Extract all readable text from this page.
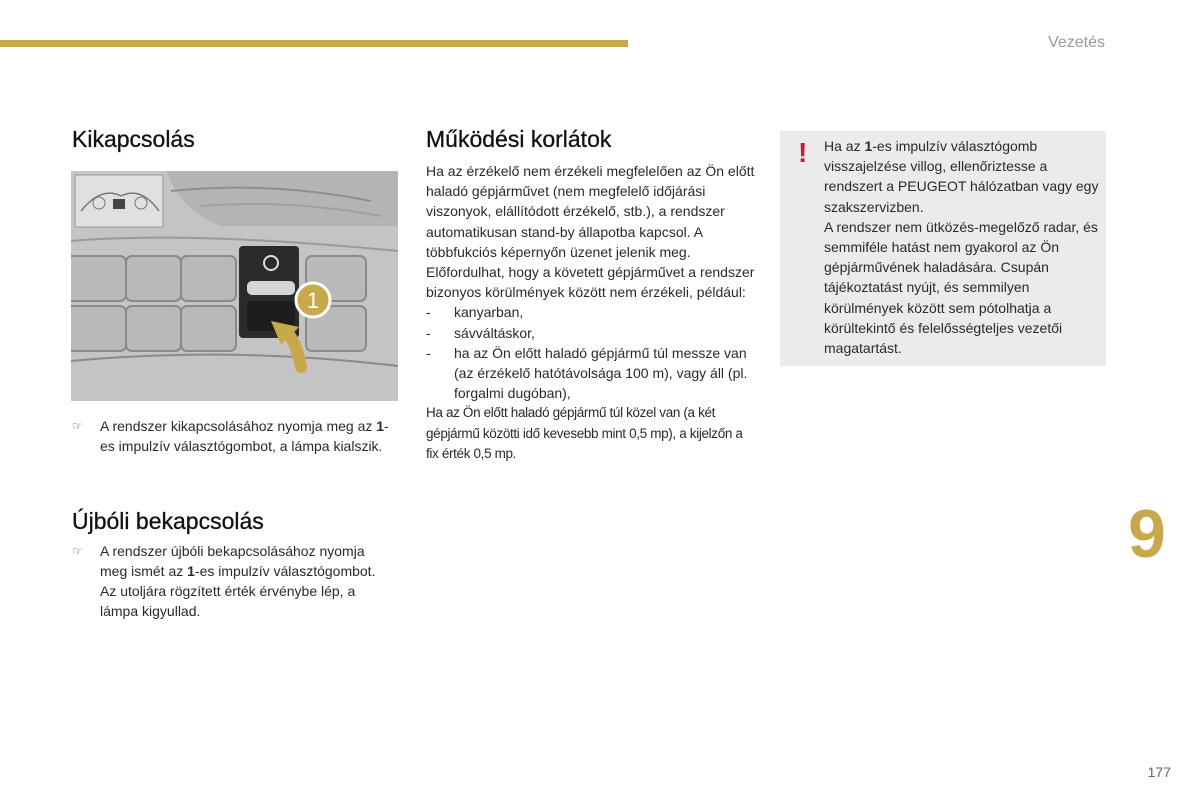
Vezetés
Kikapcsolás
1
☞ A rendszer kikapcsolásához nyomja meg az 1-es impulzív választógombot, a lámpa kialszik.
Újbóli bekapcsolás
☞ A rendszer újbóli bekapcsolásához nyomja meg ismét az 1-es impulzív választógombot.
Az utoljára rögzített érték érvénybe lép, a lámpa kigyullad.
Működési korlátok
Ha az érzékelő nem érzékeli megfelelően az Ön előtt haladó gépjárművet (nem megfelelő időjárási viszonyok, elállítódott érzékelő, stb.), a rendszer automatikusan stand-by állapotba kapcsol. A többfukciós képernyőn üzenet jelenik meg.
Előfordulhat, hogy a követett gépjárművet a rendszer bizonyos körülmények között nem érzékeli, például:
- kanyarban,
- sávváltáskor,
- ha az Ön előtt haladó gépjármű túl messze van (az érzékelő hatótávolsága 100 m), vagy áll (pl. forgalmi dugóban),
Ha az Ön előtt haladó gépjármű túl közel van (a két gépjármű közötti idő kevesebb mint 0,5 mp), a kijelzőn a fix érték 0,5 mp.
! Ha az 1-es impulzív választógomb visszajelzése villog, ellenőriztesse a rendszert a PEUGEOT hálózatban vagy egy szakszervizben.
A rendszer nem ütközés-megelőző radar, és semmiféle hatást nem gyakorol az Ön gépjárművének haladására. Csupán tájékoztatást nyújt, és semmilyen körülmények között sem pótolhatja a körültekintő és felelősségteljes vezetői magatartást.
9
177
